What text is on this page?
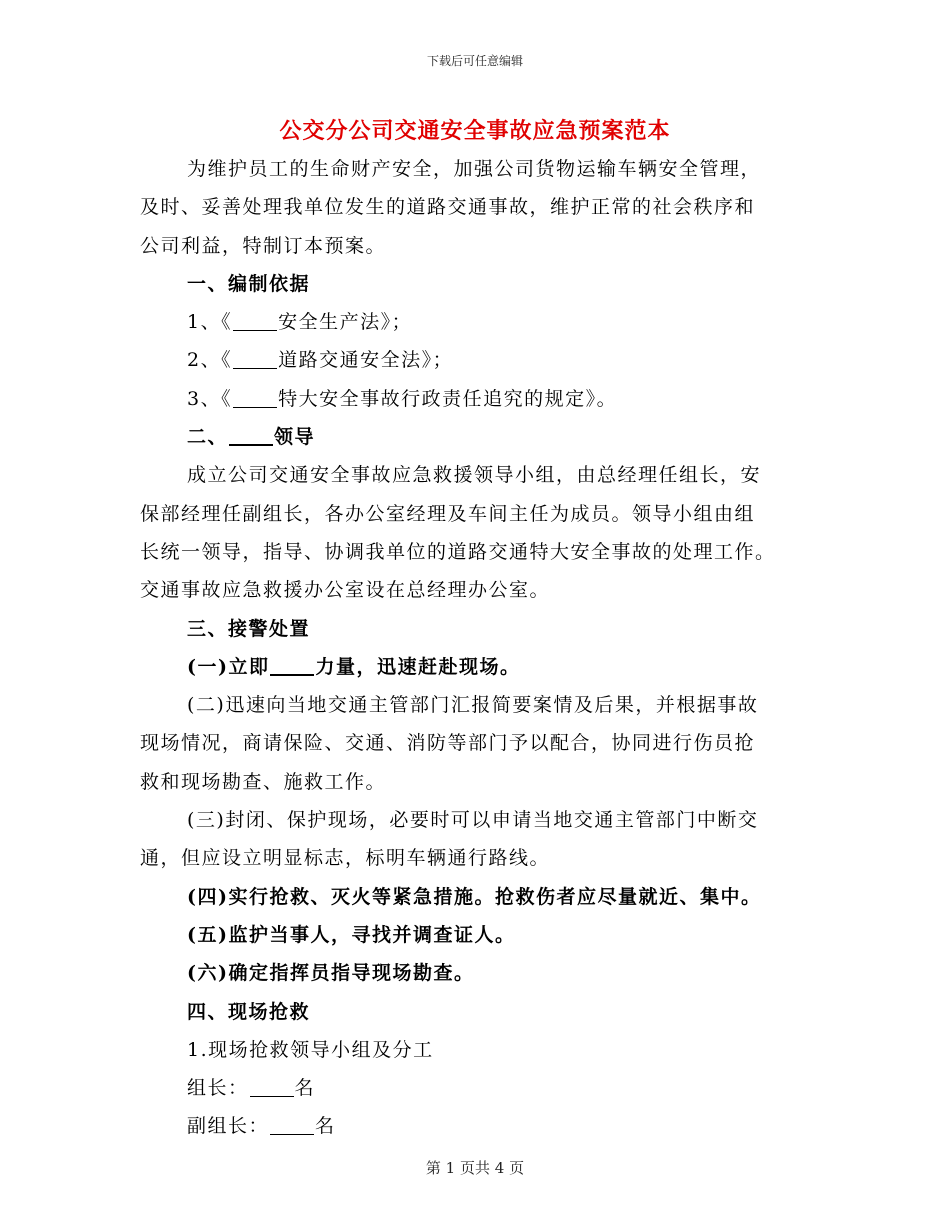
下载后可任意编辑
公交分公司交通安全事故应急预案范本
为维护员工的生命财产安全，加强公司货物运输车辆安全管理，
及时、妥善处理我单位发生的道路交通事故，维护正常的社会秩序和
公司利益，特制订本预案。
一、编制依据
1、《 安全生产法》；
2、《 道路交通安全法》；
3、《 特大安全事故行政责任追究的规定》。
二、 领导
成立公司交通安全事故应急救援领导小组，由总经理任组长，安
保部经理任副组长，各办公室经理及车间主任为成员。领导小组由组
长统一领导，指导、协调我单位的道路交通特大安全事故的处理工作。
交通事故应急救援办公室设在总经理办公室。
三、接警处置
(一)立即 力量，迅速赶赴现场。
(二)迅速向当地交通主管部门汇报简要案情及后果，并根据事故
现场情况，商请保险、交通、消防等部门予以配合，协同进行伤员抢
救和现场勘查、施救工作。
(三)封闭、保护现场，必要时可以申请当地交通主管部门中断交
通，但应设立明显标志，标明车辆通行路线。
(四)实行抢救、灭火等紧急措施。抢救伤者应尽量就近、集中。
(五)监护当事人，寻找并调查证人。
(六)确定指挥员指导现场勘查。
四、现场抢救
1.现场抢救领导小组及分工
组长： 名
副组长： 名
第 1 页共 4 页
